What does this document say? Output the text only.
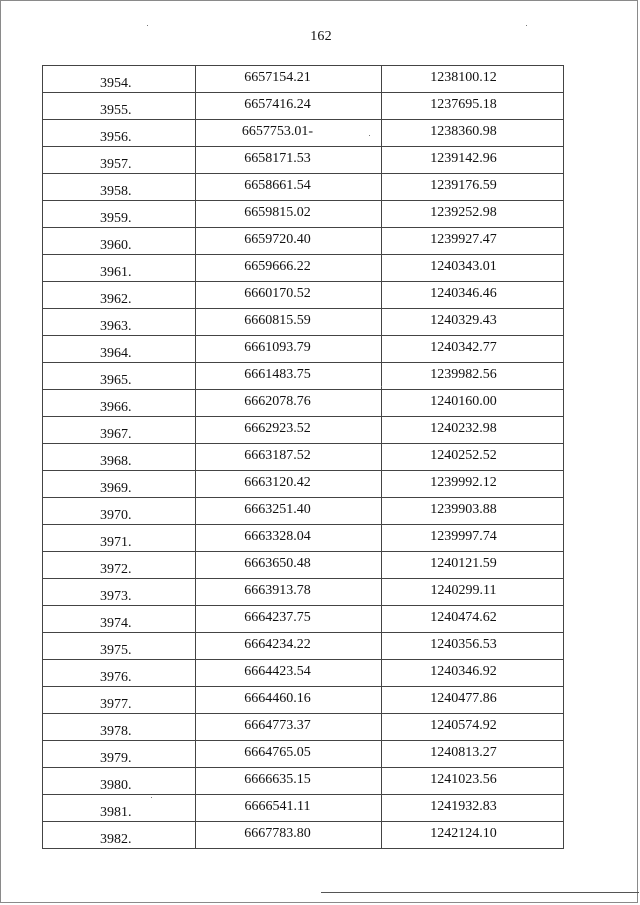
162
3954.	6657154.21	1238100.12
3955.	6657416.24	1237695.18
3956.	6657753.01-	1238360.98
3957.	6658171.53	1239142.96
3958.	6658661.54	1239176.59
3959.	6659815.02	1239252.98
3960.	6659720.40	1239927.47
3961.	6659666.22	1240343.01
3962.	6660170.52	1240346.46
3963.	6660815.59	1240329.43
3964.	6661093.79	1240342.77
3965.	6661483.75	1239982.56
3966.	6662078.76	1240160.00
3967.	6662923.52	1240232.98
3968.	6663187.52	1240252.52
3969.	6663120.42	1239992.12
3970.	6663251.40	1239903.88
3971.	6663328.04	1239997.74
3972.	6663650.48	1240121.59
3973.	6663913.78	1240299.11
3974.	6664237.75	1240474.62
3975.	6664234.22	1240356.53
3976.	6664423.54	1240346.92
3977.	6664460.16	1240477.86
3978.	6664773.37	1240574.92
3979.	6664765.05	1240813.27
3980.	6666635.15	1241023.56
3981.	6666541.11	1241932.83
3982.	6667783.80	1242124.10
